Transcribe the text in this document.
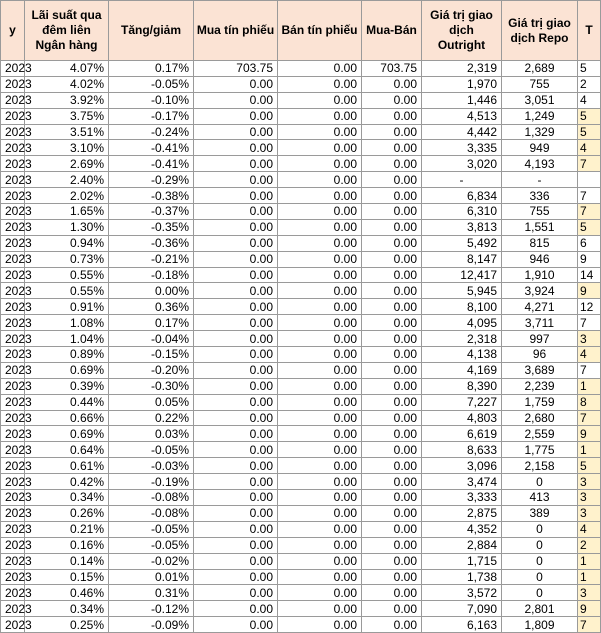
y	Lãi suất qua đêm liên Ngân hàng	Tăng/giảm	Mua tín phiếu	Bán tín phiếu	Mua-Bán	Giá trị giao dịch Outright	Giá trị giao dịch Repo	T
2023	4.07%	0.17%	703.75	0.00	703.75	2,319	2,689	5
2023	4.02%	-0.05%	0.00	0.00	0.00	1,970	755	2
2023	3.92%	-0.10%	0.00	0.00	0.00	1,446	3,051	4
2023	3.75%	-0.17%	0.00	0.00	0.00	4,513	1,249	5
2023	3.51%	-0.24%	0.00	0.00	0.00	4,442	1,329	5
2023	3.10%	-0.41%	0.00	0.00	0.00	3,335	949	4
2023	2.69%	-0.41%	0.00	0.00	0.00	3,020	4,193	7
2023	2.40%	-0.29%	0.00	0.00	0.00	-	-	
2023	2.02%	-0.38%	0.00	0.00	0.00	6,834	336	7
2023	1.65%	-0.37%	0.00	0.00	0.00	6,310	755	7
2023	1.30%	-0.35%	0.00	0.00	0.00	3,813	1,551	5
2023	0.94%	-0.36%	0.00	0.00	0.00	5,492	815	6
2023	0.73%	-0.21%	0.00	0.00	0.00	8,147	946	9
2023	0.55%	-0.18%	0.00	0.00	0.00	12,417	1,910	14
2023	0.55%	0.00%	0.00	0.00	0.00	5,945	3,924	9
2023	0.91%	0.36%	0.00	0.00	0.00	8,100	4,271	12
2023	1.08%	0.17%	0.00	0.00	0.00	4,095	3,711	7
2023	1.04%	-0.04%	0.00	0.00	0.00	2,318	997	3
2023	0.89%	-0.15%	0.00	0.00	0.00	4,138	96	4
2023	0.69%	-0.20%	0.00	0.00	0.00	4,169	3,689	7
2023	0.39%	-0.30%	0.00	0.00	0.00	8,390	2,239	1
2023	0.44%	0.05%	0.00	0.00	0.00	7,227	1,759	8
2023	0.66%	0.22%	0.00	0.00	0.00	4,803	2,680	7
2023	0.69%	0.03%	0.00	0.00	0.00	6,619	2,559	9
2023	0.64%	-0.05%	0.00	0.00	0.00	8,633	1,775	1
2023	0.61%	-0.03%	0.00	0.00	0.00	3,096	2,158	5
2023	0.42%	-0.19%	0.00	0.00	0.00	3,474	0	3
2023	0.34%	-0.08%	0.00	0.00	0.00	3,333	413	3
2023	0.26%	-0.08%	0.00	0.00	0.00	2,875	389	3
2023	0.21%	-0.05%	0.00	0.00	0.00	4,352	0	4
2023	0.16%	-0.05%	0.00	0.00	0.00	2,884	0	2
2023	0.14%	-0.02%	0.00	0.00	0.00	1,715	0	1
2023	0.15%	0.01%	0.00	0.00	0.00	1,738	0	1
2023	0.46%	0.31%	0.00	0.00	0.00	3,572	0	3
2023	0.34%	-0.12%	0.00	0.00	0.00	7,090	2,801	9
2023	0.25%	-0.09%	0.00	0.00	0.00	6,163	1,809	7
